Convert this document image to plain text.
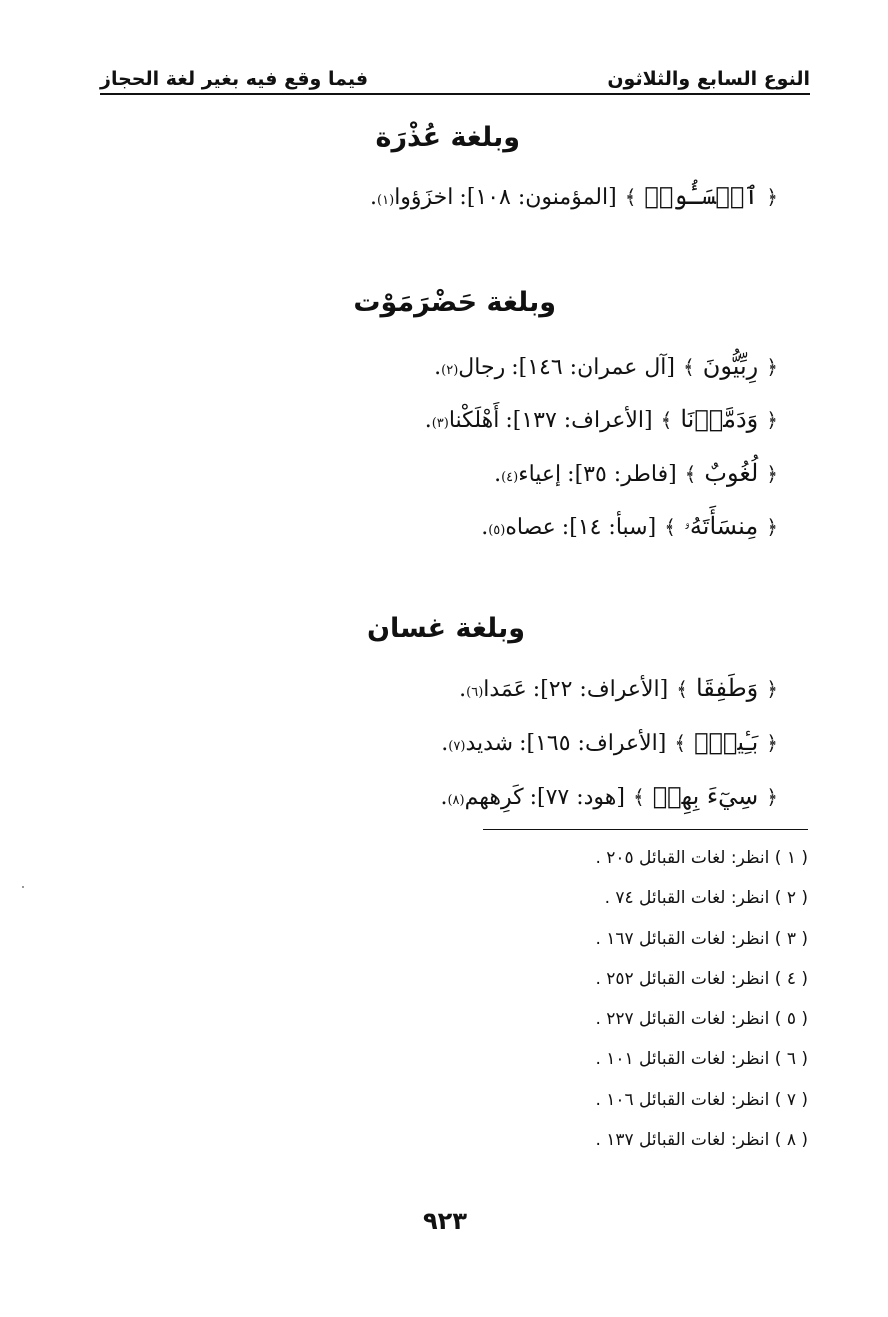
النوع السابع والثلاثون
فيما وقع فيه بغير لغة الحجاز
وبلغة عُذْرَة
﴿
ٱخۡسَـُٔوا۟
﴾
[المؤمنون: ١٠٨]:
اخزَؤوا
(١)
.
وبلغة حَضْرَمَوْت
﴿
رِبِّيُّونَ
﴾
[آل عمران: ١٤٦]:
رجال
(٢)
.
﴿
وَدَمَّرۡنَا
﴾
[الأعراف: ١٣٧]:
أَهْلَكْنا
(٣)
.
﴿
لُغُوبٌ
﴾
[فاطر: ٣٥]:
إعياء
(٤)
.
﴿
مِنسَأَتَهُۥ
﴾
[سبأ: ١٤]:
عصاه
(٥)
.
وبلغة غسان
﴿
وَطَفِقَا
﴾
[الأعراف: ٢٢]:
عَمَدا
(٦)
.
﴿
بَـِٔيسِۭ
﴾
[الأعراف: ١٦٥]:
شديد
(٧)
.
﴿
سِيٓءَ بِهِمۡ
﴾
[هود: ٧٧]:
كَرِههم
(٨)
.
( ١ ) انظر: لغات القبائل ٢٠٥ .
( ٢ ) انظر: لغات القبائل ٧٤ .
( ٣ ) انظر: لغات القبائل ١٦٧ .
( ٤ ) انظر: لغات القبائل ٢٥٢ .
( ٥ ) انظر: لغات القبائل ٢٢٧ .
( ٦ ) انظر: لغات القبائل ١٠١ .
( ٧ ) انظر: لغات القبائل ١٠٦ .
( ٨ ) انظر: لغات القبائل ١٣٧ .
٩٢٣
